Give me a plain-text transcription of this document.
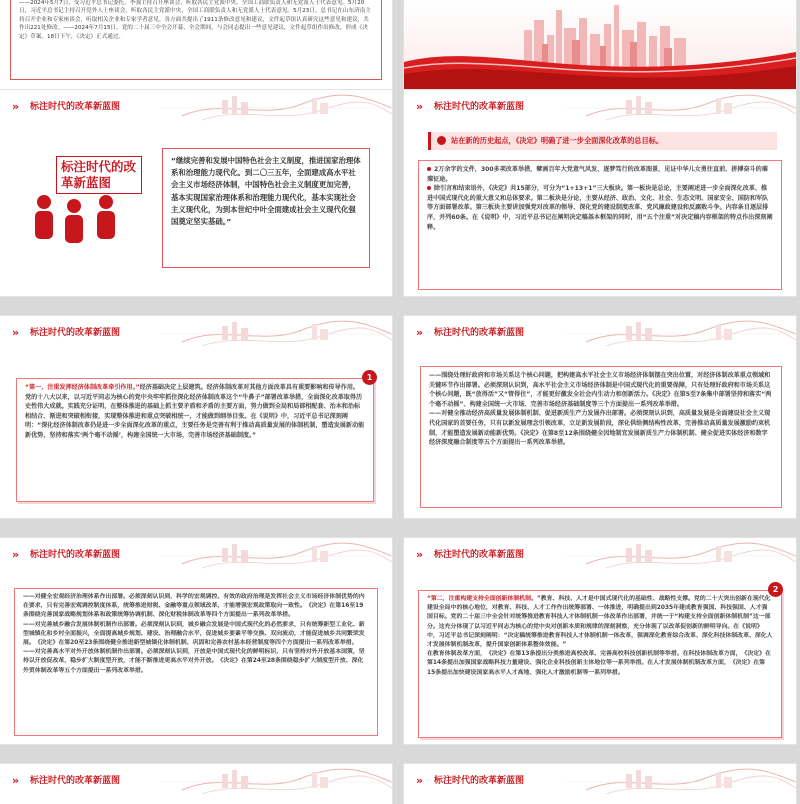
——2024年5月7日，受习近平总书记委托，李强主持召开座谈会，听取各民主党派中央、全国工商联负责人和无党派人士代表意见。5月20日，习近平总书记主持召开党外人士座谈会，听取各民主党派中央、全国工商联负责人和无党派人士代表意见。5月23日，总书记在山东济南主持召开企业和专家座谈会，听取相关企业和专家学者意见。各方面共提出了1911条修改意见和建议，文件起草组认真研究这些意见和建议，共作出221处修改。——2024年7月15日，党的二十届三中全会开幕，全会期间，与会同志提出一些意见建议，文件起草组作出修改，形成《决定》草案。18日下午，《决定》正式通过。
» 标注时代的改革新蓝图
标注时代的改革新蓝图
“继续完善和发展中国特色社会主义制度，推进国家治理体系和治理能力现代化。到二〇三五年，全面建成高水平社会主义市场经济体制，中国特色社会主义制度更加完善，基本实现国家治理体系和治理能力现代化，基本实现社会主义现代化，为到本世纪中叶全面建成社会主义现代化强国奠定坚实基础。”
» 标注时代的改革新蓝图
站在新的历史起点，《决定》明确了进一步全面深化改革的总目标。

2万余字的文件，300多项改革举措，擘画百年大党意气风发、逐梦笃行的改革图景，见证中华儿女勇往直前、拼搏奋斗的璀璨征途。

除引言和结束语外，《决定》共15部分，可分为“1+13+1”三大板块。第一板块是总论，主要阐述进一步全面深化改革、推进中国式现代化的重大意义和总体要求。第二板块是分论，主要从经济、政治、文化、社会、生态文明、国家安全、国防和军队等方面部署改革。第三板块主要讲加强党对改革的领导、深化党的建设制度改革、党风廉政建设和反腐败斗争。内容条目逐层排序，并列60条。在《说明》中，习近平总书记在阐明决定稿基本框架的同时，用“五个注重”对决定稿内容框架的特点作出深刻阐释。

» 标注时代的改革新蓝图
“第一，注重发挥经济体制改革牵引作用。”经济基础决定上层建筑。经济体制改革对其他方面改革具有重要影响和传导作用。党的十八大以来，以习近平同志为核心的党中央牢牢抓住深化经济体制改革这个“牛鼻子”部署改革举措，全面深化改革取得历史性伟大成就。实践充分证明，在整体推进的基础上抓主要矛盾和矛盾的主要方面，努力做到全局和局部相配套、治本和治标相结合、渐进和突破相衔接，实现整体推进和重点突破相统一，才能做到纲举目张。在《说明》中，习近平总书记深刻阐明：“深化经济体制改革仍是进一步全面深化改革的重点，主要任务是完善有利于推动高质量发展的体制机制，塑造发展新动能新优势，坚持和落实‘两个毫不动摇’，构建全国统一大市场，完善市场经济基础制度。”
1
» 标注时代的改革新蓝图

——围绕处理好政府和市场关系这个核心问题，把构建高水平社会主义市场经济体制摆在突出位置，对经济体制改革重点领域和关键环节作出部署。必须深刻认识到，高水平社会主义市场经济体制是中国式现代化的重要保障，只有处理好政府和市场关系这个核心问题，既“放得活”又“管得住”，才能更好激发全社会内生动力和创新活力。《决定》在第5至7条集中部署坚持和落实“两个毫不动摇”、构建全国统一大市场、完善市场经济基础制度等三个方面提出一系列改革举措。

——对健全推动经济高质量发展体制机制、促进新质生产力发展作出部署。必须深刻认识到，高质量发展是全面建设社会主义现代化国家的首要任务，只有以新发展理念引领改革，立足新发展阶段，深化供给侧结构性改革，完善推动高质量发展激励约束机制，才能塑造发展新动能新优势。《决定》在第8至12条围绕健全因地制宜发展新质生产力体制机制、健全促进实体经济和数字经济深度融合制度等五个方面提出一系列改革举措。

» 标注时代的改革新蓝图

——对健全宏观经济治理体系作出部署。必须深刻认识到，科学的宏观调控、有效的政府治理是发挥社会主义市场经济体制优势的内在要求，只有完善宏观调控制度体系，统筹推进财税、金融等重点领域改革，才能增强宏观政策取向一致性。《决定》在第16至19条围绕完善国家战略规划体系和政策统筹协调机制、深化财税体制改革等四个方面提出一系列改革举措。

——对完善城乡融合发展体制机制作出部署。必须深刻认识到，城乡融合发展是中国式现代化的必然要求，只有统筹新型工业化、新型城镇化和乡村全面振兴，全面提高城乡规划、建设、治理融合水平，促进城乡要素平等交换、双向流动，才能促进城乡共同繁荣发展。《决定》在第20至23条围绕健全推进新型城镇化体制机制、巩固和完善农村基本经营制度等四个方面提出一系列改革举措。

——对完善高水平对外开放体制机制作出部署。必须深刻认识到，开放是中国式现代化的鲜明标识，只有坚持对外开放基本国策，坚持以开放促改革，稳步扩大制度型开放，才能不断推进更高水平对外开放。《决定》在第24至28条围绕稳步扩大制度型开放、深化外贸体制改革等五个方面提出一系列改革举措。

» 标注时代的改革新蓝图

“第二，注重构建支持全面创新体制机制。”教育、科技、人才是中国式现代化的基础性、战略性支撑。党的二十大突出创新在现代化建设全局中的核心地位，对教育、科技、人才工作作出统筹部署、一体推进，明确提出到2035年建成教育强国、科技强国、人才强国目标。党的二十届三中全会针对统筹推进教育科技人才体制机制一体改革作出部署，并统一于“构建支持全面创新体制机制”这一部分。这充分体现了以习近平同志为核心的党中央对创新本质和规律的深刻洞察，充分体现了以改革促创新的鲜明导向。在《说明》中，习近平总书记深刻阐明：“决定稿统筹推进教育科技人才体制机制一体改革，强调深化教育综合改革、深化科技体制改革、深化人才发展体制机制改革，提升国家创新体系整体效能。”

在教育体制改革方面，《决定》在第13条提出分类推进高校改革、完善高校科技创新机制等举措。在科技体制改革方面，《决定》在第14条提出加强国家战略科技力量建设、强化企业科技创新主体地位等一系列举措。在人才发展体制机制改革方面，《决定》在第15条提出加快建设国家高水平人才高地、强化人才激励机制等一系列举措。

2
» 标注时代的改革新蓝图	» 标注时代的改革新蓝图
